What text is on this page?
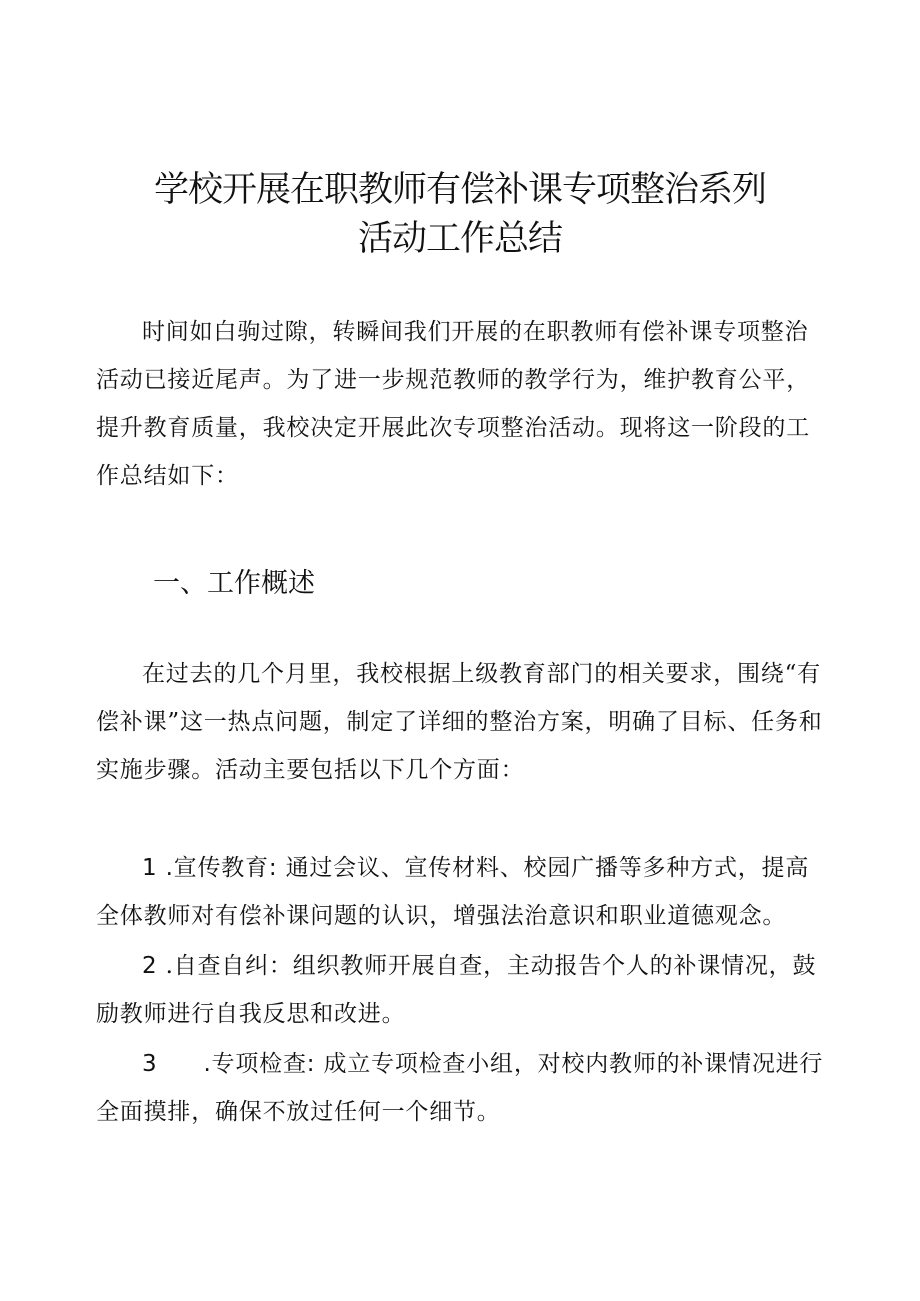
学校开展在职教师有偿补课专项整治系列
活动工作总结

时间如白驹过隙，转瞬间我们开展的在职教师有偿补课专项整治活动已接近尾声。为了进一步规范教师的教学行为，维护教育公平，提升教育质量，我校决定开展此次专项整治活动。现将这一阶段的工作总结如下：

一、工作概述

在过去的几个月里，我校根据上级教育部门的相关要求，围绕“有偿补课”这一热点问题，制定了详细的整治方案，明确了目标、任务和实施步骤。活动主要包括以下几个方面：

1 .宣传教育: 通过会议、宣传材料、校园广播等多种方式，提高全体教师对有偿补课问题的认识，增强法治意识和职业道德观念。

2 .自查自纠：组织教师开展自查，主动报告个人的补课情况，鼓励教师进行自我反思和改进。

3 .专项检查: 成立专项检查小组，对校内教师的补课情况进行全面摸排，确保不放过任何一个细节。
